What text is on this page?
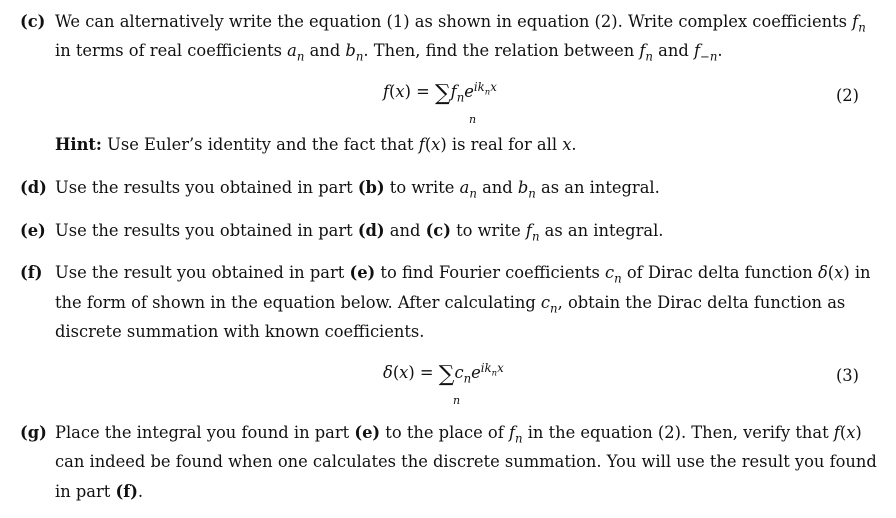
(c) We can alternatively write the equation (1) as shown in equation (2). Write complex coefficients $f_n$
in terms of real coefficients $a_n$ and $b_n$. Then, find the relation between $f_n$ and $f_{-n}$.
$f(x) = \sum f_ne^{ik_nx}$
n
(2)
Hint: Use Euler’s identity and the fact that f(x) is real for all x.
(d) Use the results you obtained in part (b) to write $a_n$ and $b_n$ as an integral.
(e) Use the results you obtained in part (d) and (c) to write $f_n$ as an integral.
(f) Use the result you obtained in part (e) to find Fourier coefficients $c_n$ of Dirac delta function δ(x) in
the form of shown in the equation below. After calculating $c_n$, obtain the Dirac delta function as
discrete summation with known coefficients.
$\delta(x) = \sum c_ne^{ik_nx}$
n
(3)
(g) Place the integral you found in part (e) to the place of $f_n$ in the equation (2). Then, verify that f(x)
can indeed be found when one calculates the discrete summation. You will use the result you found
in part (f).
